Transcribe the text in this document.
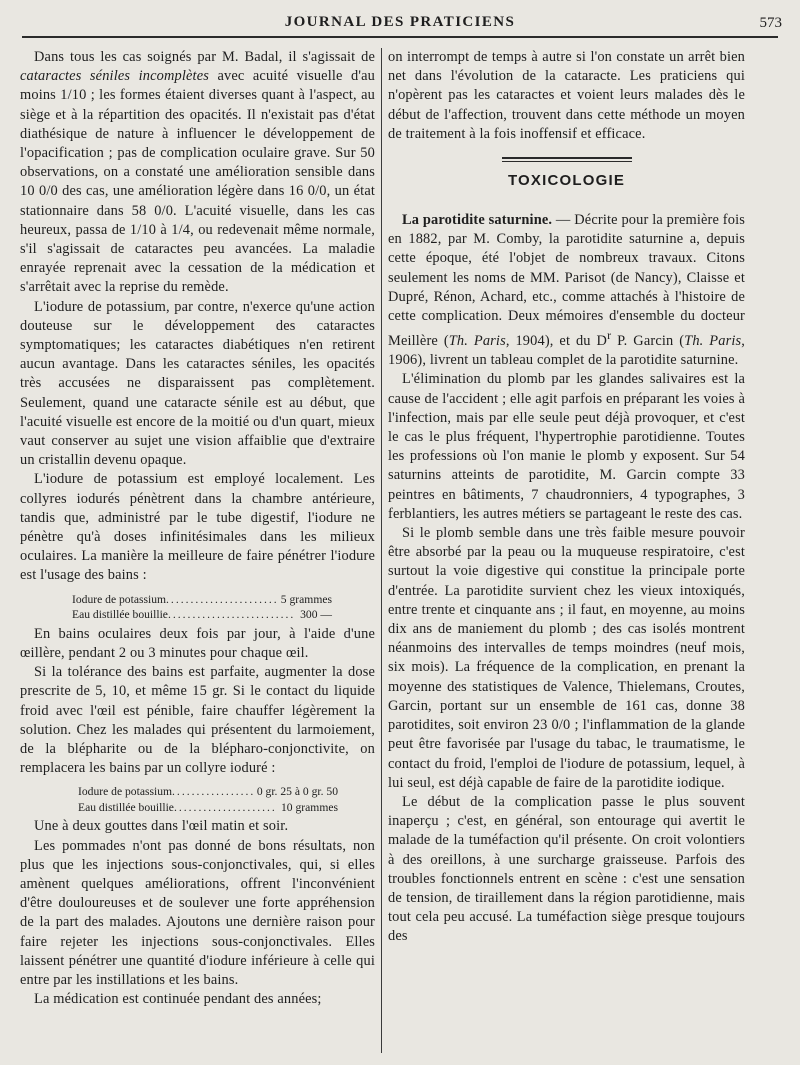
JOURNAL DES PRATICIENS	573

Dans tous les cas soignés par M. Badal, il s'agissait de cataractes séniles incomplètes avec acuité visuelle d'au moins 1/10 ; les formes étaient diverses quant à l'aspect, au siège et à la répartition des opacités. Il n'existait pas d'état diathésique de nature à influencer le développement de l'opacification ; pas de complication oculaire grave. Sur 50 observations, on a constaté une amélioration sensible dans 10 0/0 des cas, une amélioration légère dans 16 0/0, un état stationnaire dans 58 0/0. L'acuité visuelle, dans les cas heureux, passa de 1/10 à 1/4, ou redevenait même normale, s'il s'agissait de cataractes peu avancées. La maladie enrayée reprenait avec la cessation de la médication et s'arrêtait avec la reprise du remède.

L'iodure de potassium, par contre, n'exerce qu'une action douteuse sur le développement des cataractes symptomatiques; les cataractes diabétiques n'en retirent aucun avantage. Dans les cataractes séniles, les opacités très accusées ne disparaissent pas complètement. Seulement, quand une cataracte sénile est au début, que l'acuité visuelle est encore de la moitié ou d'un quart, mieux vaut conserver au sujet une vision affaiblie que d'extraire un cristallin devenu opaque.

L'iodure de potassium est employé localement. Les collyres iodurés pénètrent dans la chambre antérieure, tandis que, administré par le tube digestif, l'iodure ne pénètre qu'à doses infinitésimales dans les milieux oculaires. La manière la meilleure de faire pénétrer l'iodure est l'usage des bains :

Iodure de potassium .....	5 grammes
Eau distillée bouillie .....	300 —

En bains oculaires deux fois par jour, à l'aide d'une œillère, pendant 2 ou 3 minutes pour chaque œil.

Si la tolérance des bains est parfaite, augmenter la dose prescrite de 5, 10, et même 15 gr. Si le contact du liquide froid avec l'œil est pénible, faire chauffer légèrement la solution. Chez les malades qui présentent du larmoiement, de la blépharite ou de la blépharo-conjonctivite, on remplacera les bains par un collyre ioduré :

Iodure de potassium .....	0 gr. 25 à 0 gr. 50
Eau distillée bouillie .....	10 grammes

Une à deux gouttes dans l'œil matin et soir.

Les pommades n'ont pas donné de bons résultats, non plus que les injections sous-conjonctivales, qui, si elles amènent quelques améliorations, offrent l'inconvénient d'être douloureuses et de soulever une forte appréhension de la part des malades. Ajoutons une dernière raison pour faire rejeter les injections sous-conjonctivales. Elles laissent pénétrer une quantité d'iodure inférieure à celle qui entre par les instillations et les bains.

La médication est continuée pendant des années;

on interrompt de temps à autre si l'on constate un arrêt bien net dans l'évolution de la cataracte. Les praticiens qui n'opèrent pas les cataractes et voient leurs malades dès le début de l'affection, trouvent dans cette méthode un moyen de traitement à la fois inoffensif et efficace.

TOXICOLOGIE

La parotidite saturnine. — Décrite pour la première fois en 1882, par M. Comby, la parotidite saturnine a, depuis cette époque, été l'objet de nombreux travaux. Citons seulement les noms de MM. Parisot (de Nancy), Claisse et Dupré, Rénon, Achard, etc., comme attachés à l'histoire de cette complication. Deux mémoires d'ensemble du docteur Meillère (Th. Paris, 1904), et du $D^r$ P. Garcin (Th. Paris, 1906), livrent un tableau complet de la parotidite saturnine.

L'élimination du plomb par les glandes salivaires est la cause de l'accident ; elle agit parfois en préparant les voies à l'infection, mais par elle seule peut déjà provoquer, et c'est le cas le plus fréquent, l'hypertrophie parotidienne. Toutes les professions où l'on manie le plomb y exposent. Sur 54 saturnins atteints de parotidite, M. Garcin compte 33 peintres en bâtiments, 7 chaudronniers, 4 typographes, 3 ferblantiers, les autres métiers se partageant le reste des cas.

Si le plomb semble dans une très faible mesure pouvoir être absorbé par la peau ou la muqueuse respiratoire, c'est surtout la voie digestive qui constitue la principale porte d'entrée. La parotidite survient chez les vieux intoxiqués, entre trente et cinquante ans ; il faut, en moyenne, au moins dix ans de maniement du plomb ; des cas isolés montrent néanmoins des intervalles de temps moindres (neuf mois, six mois). La fréquence de la complication, en prenant la moyenne des statistiques de Valence, Thielemans, Croutes, Garcin, portant sur un ensemble de 161 cas, donne 38 parotidites, soit environ 23 0/0 ; l'inflammation de la glande peut être favorisée par l'usage du tabac, le traumatisme, le contact du froid, l'emploi de l'iodure de potassium, lequel, à lui seul, est déjà capable de faire de la parotidite iodique.

Le début de la complication passe le plus souvent inaperçu ; c'est, en général, son entourage qui avertit le malade de la tuméfaction qu'il présente. On croit volontiers à des oreillons, à une surcharge graisseuse. Parfois des troubles fonctionnels entrent en scène : c'est une sensation de tension, de tiraillement dans la région parotidienne, mais tout cela peu accusé. La tuméfaction siège presque toujours des
